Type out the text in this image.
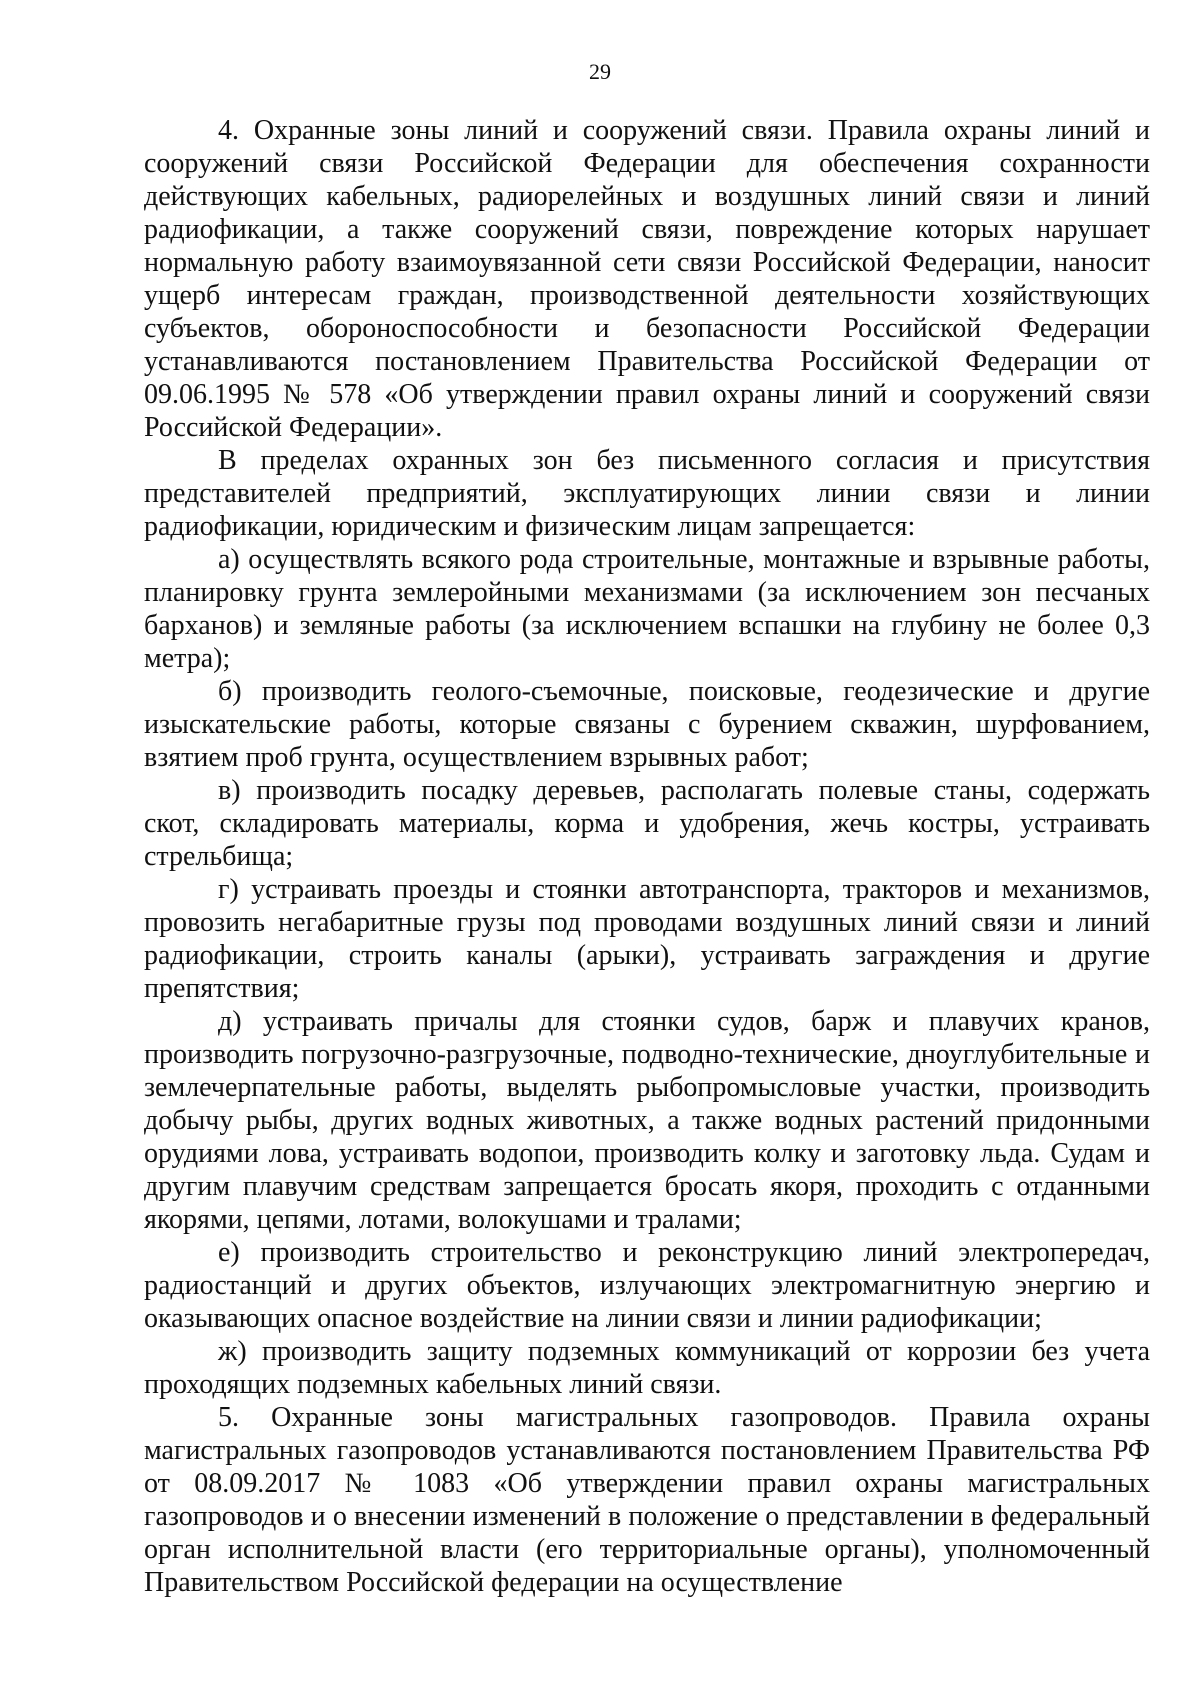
29

4. Охранные зоны линий и сооружений связи. Правила охраны линий и сооружений связи Российской Федерации для обеспечения сохранности действующих кабельных, радиорелейных и воздушных линий связи и линий радиофикации, а также сооружений связи, повреждение которых нарушает нормальную работу взаимоувязанной сети связи Российской Федерации, наносит ущерб интересам граждан, производственной деятельности хозяйствующих субъектов, обороноспособности и безопасности Российской Федерации устанавливаются постановлением Правительства Российской Федерации от 09.06.1995 № 578 «Об утверждении правил охраны линий и сооружений связи Российской Федерации».

В пределах охранных зон без письменного согласия и присутствия представителей предприятий, эксплуатирующих линии связи и линии радиофикации, юридическим и физическим лицам запрещается:

а) осуществлять всякого рода строительные, монтажные и взрывные работы, планировку грунта землеройными механизмами (за исключением зон песчаных барханов) и земляные работы (за исключением вспашки на глубину не более 0,3 метра);

б) производить геолого-съемочные, поисковые, геодезические и другие изыскательские работы, которые связаны с бурением скважин, шурфованием, взятием проб грунта, осуществлением взрывных работ;

в) производить посадку деревьев, располагать полевые станы, содержать скот, складировать материалы, корма и удобрения, жечь костры, устраивать стрельбища;

г) устраивать проезды и стоянки автотранспорта, тракторов и механизмов, провозить негабаритные грузы под проводами воздушных линий связи и линий радиофикации, строить каналы (арыки), устраивать заграждения и другие препятствия;

д) устраивать причалы для стоянки судов, барж и плавучих кранов, производить погрузочно-разгрузочные, подводно-технические, дноуглубительные и землечерпательные работы, выделять рыбопромысловые участки, производить добычу рыбы, других водных животных, а также водных растений придонными орудиями лова, устраивать водопои, производить колку и заготовку льда. Судам и другим плавучим средствам запрещается бросать якоря, проходить с отданными якорями, цепями, лотами, волокушами и тралами;

е) производить строительство и реконструкцию линий электропередач, радиостанций и других объектов, излучающих электромагнитную энергию и оказывающих опасное воздействие на линии связи и линии радиофикации;

ж) производить защиту подземных коммуникаций от коррозии без учета проходящих подземных кабельных линий связи.

5. Охранные зоны магистральных газопроводов. Правила охраны магистральных газопроводов устанавливаются постановлением Правительства РФ от 08.09.2017 № 1083 «Об утверждении правил охраны магистральных газопроводов и о внесении изменений в положение о представлении в федеральный орган исполнительной власти (его территориальные органы), уполномоченный Правительством Российской федерации на осуществление
